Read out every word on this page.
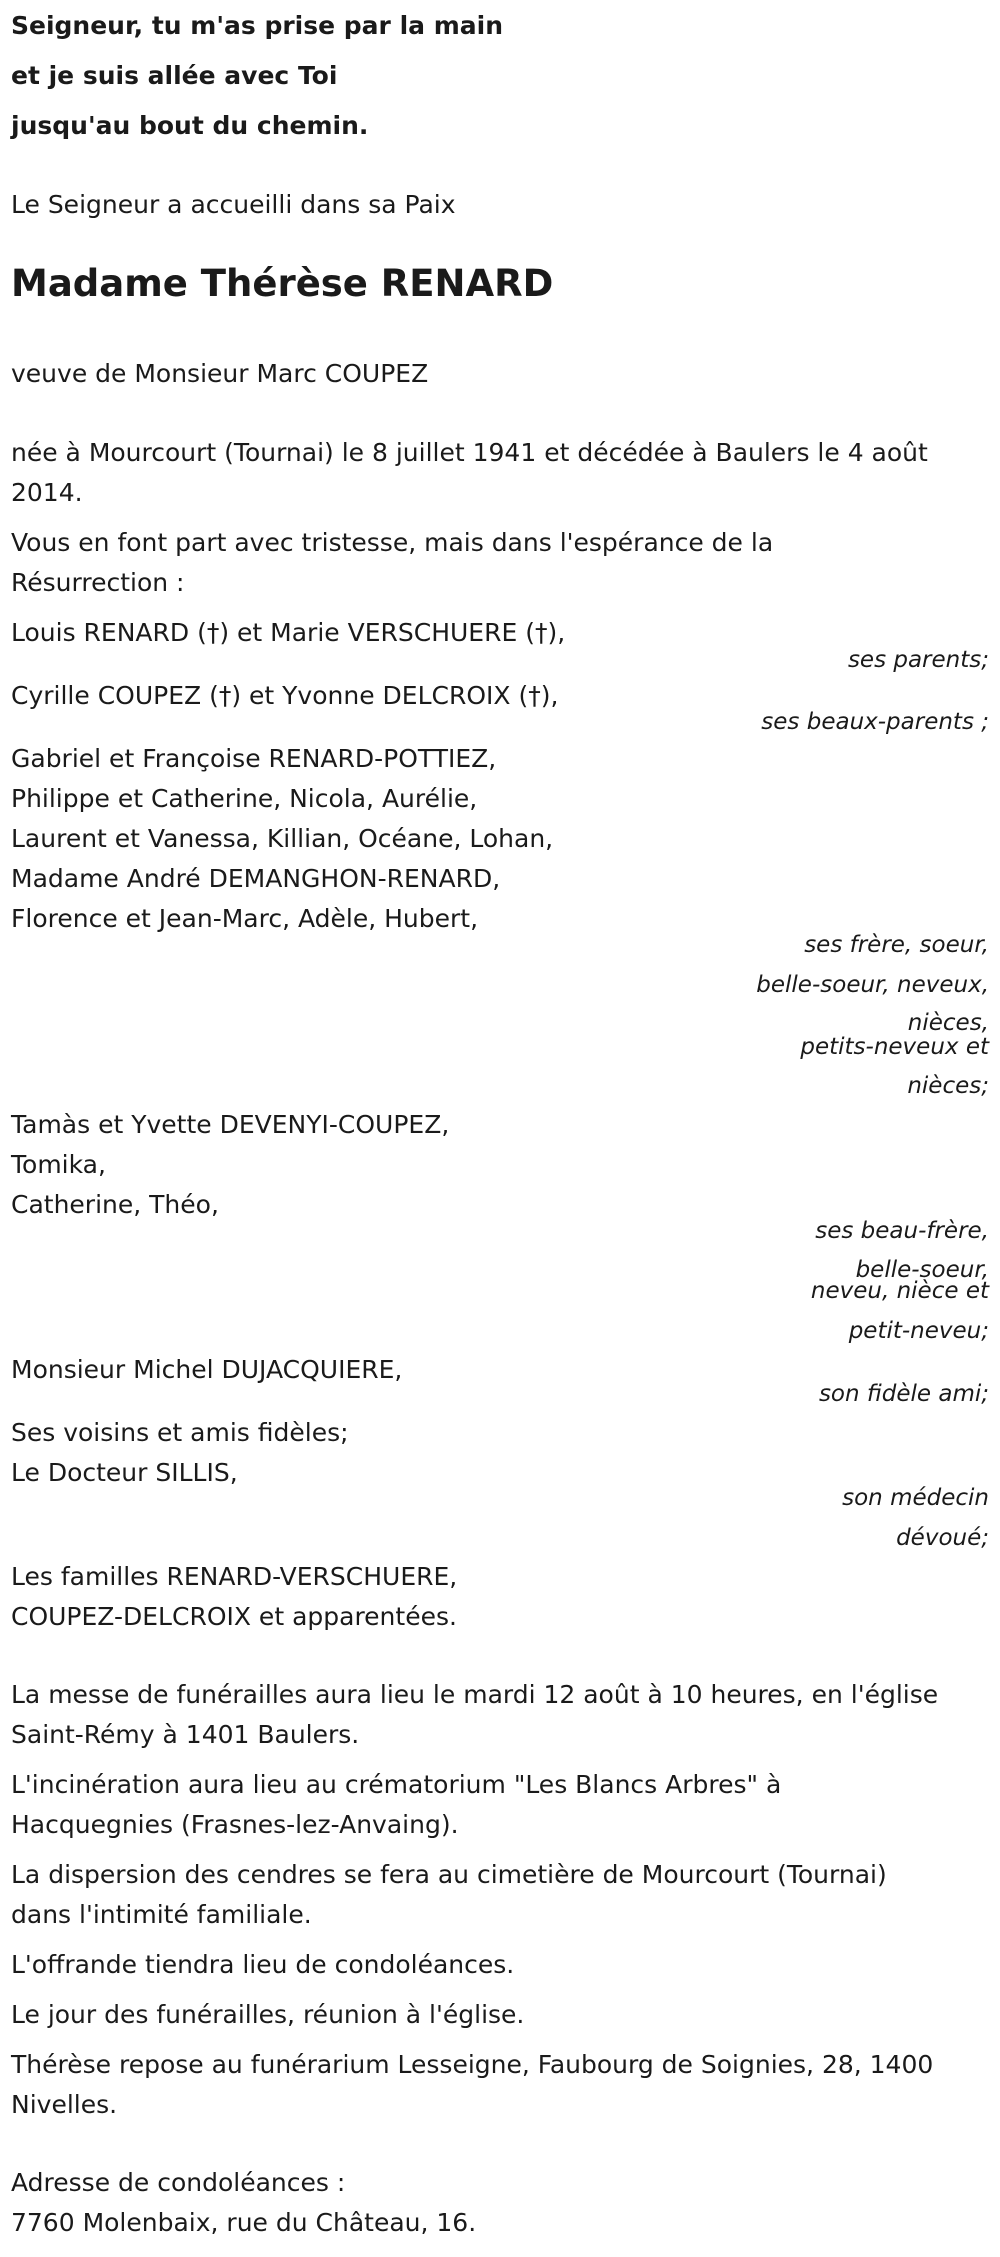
Seigneur, tu m'as prise par la main

et je suis allée avec Toi

jusqu'au bout du chemin.

Le Seigneur a accueilli dans sa Paix

Madame Thérèse RENARD

veuve de Monsieur Marc COUPEZ

née à Mourcourt (Tournai) le 8 juillet 1941 et décédée à Baulers le 4 août

2014.

Vous en font part avec tristesse, mais dans l'espérance de la

Résurrection :

Louis RENARD (†) et Marie VERSCHUERE (†),

ses parents;

Cyrille COUPEZ (†) et Yvonne DELCROIX (†),

ses beaux-parents ;

Gabriel et Françoise RENARD-POTTIEZ,

Philippe et Catherine, Nicola, Aurélie,

Laurent et Vanessa, Killian, Océane, Lohan,

Madame André DEMANGHON-RENARD,

Florence et Jean-Marc, Adèle, Hubert,

ses frère, soeur,

belle-soeur, neveux,

nièces,

petits-neveux et

nièces;

Tamàs et Yvette DEVENYI-COUPEZ,

Tomika,

Catherine, Théo,

ses beau-frère,

belle-soeur,

neveu, nièce et

petit-neveu;

Monsieur Michel DUJACQUIERE,

son fidèle ami;

Ses voisins et amis fidèles;

Le Docteur SILLIS,

son médecin

dévoué;

Les familles RENARD-VERSCHUERE,

COUPEZ-DELCROIX et apparentées.

La messe de funérailles aura lieu le mardi 12 août à 10 heures, en l'église

Saint-Rémy à 1401 Baulers.

L'incinération aura lieu au crématorium "Les Blancs Arbres" à

Hacquegnies (Frasnes-lez-Anvaing).

La dispersion des cendres se fera au cimetière de Mourcourt (Tournai)

dans l'intimité familiale.

L'offrande tiendra lieu de condoléances.

Le jour des funérailles, réunion à l'église.

Thérèse repose au funérarium Lesseigne, Faubourg de Soignies, 28, 1400

Nivelles.

Adresse de condoléances :

7760 Molenbaix, rue du Château, 16.
